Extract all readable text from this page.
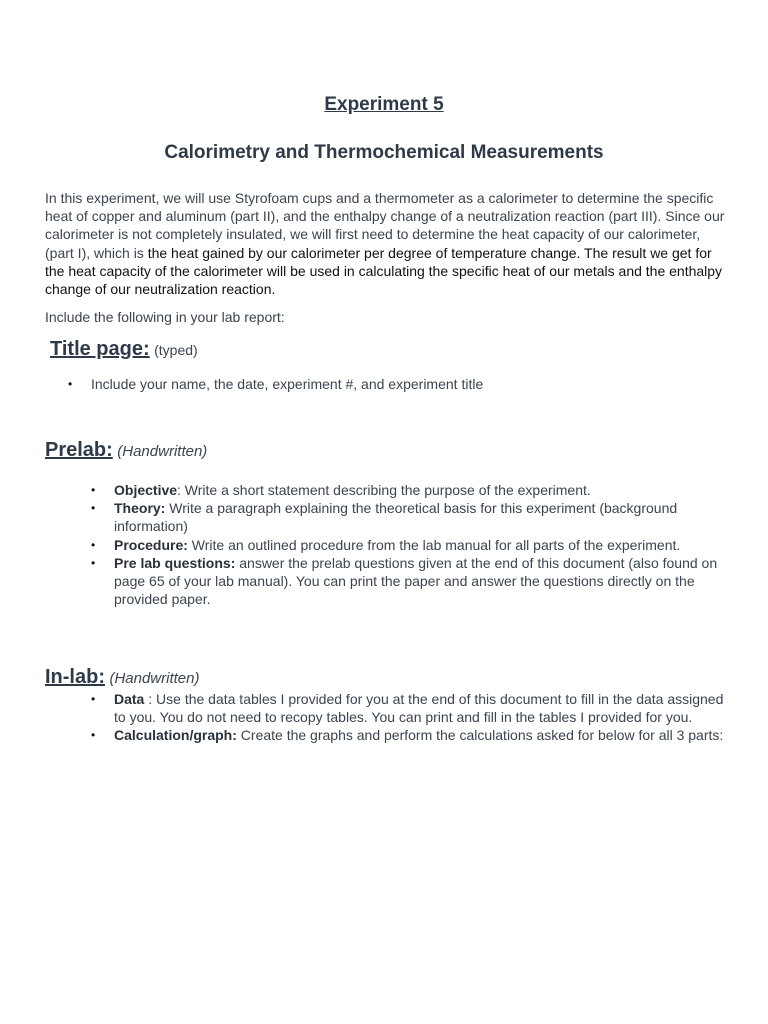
Experiment 5
Calorimetry and Thermochemical Measurements

In this experiment, we will use Styrofoam cups and a thermometer as a calorimeter to determine the specific heat of copper and aluminum (part II), and the enthalpy change of a neutralization reaction (part III). Since our calorimeter is not completely insulated, we will first need to determine the heat capacity of our calorimeter, (part I), which is the heat gained by our calorimeter per degree of temperature change. The result we get for the heat capacity of the calorimeter will be used in calculating the specific heat of our metals and the enthalpy change of our neutralization reaction.

Include the following in your lab report:

Title page: (typed)

• Include your name, the date, experiment #, and experiment title

Prelab: (Handwritten)

• Objective: Write a short statement describing the purpose of the experiment.
• Theory: Write a paragraph explaining the theoretical basis for this experiment (background information)
• Procedure: Write an outlined procedure from the lab manual for all parts of the experiment.
• Pre lab questions: answer the prelab questions given at the end of this document (also found on page 65 of your lab manual). You can print the paper and answer the questions directly on the provided paper.

In-lab: (Handwritten)

• Data : Use the data tables I provided for you at the end of this document to fill in the data assigned to you. You do not need to recopy tables. You can print and fill in the tables I provided for you.
• Calculation/graph: Create the graphs and perform the calculations asked for below for all 3 parts:
